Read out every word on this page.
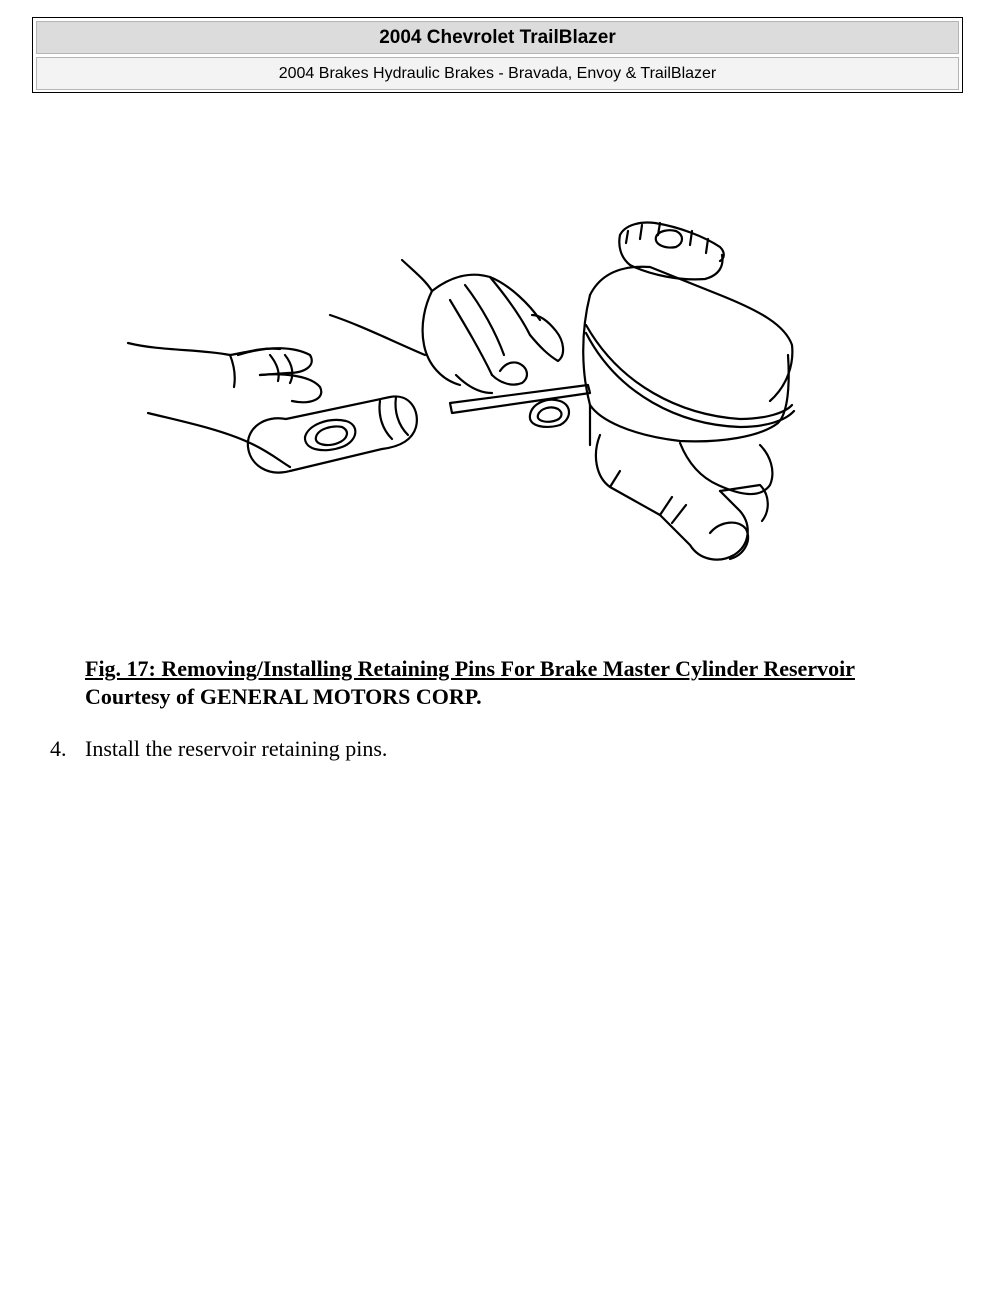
2004 Chevrolet TrailBlazer
2004 Brakes Hydraulic Brakes - Bravada, Envoy & TrailBlazer
Fig. 17: Removing/Installing Retaining Pins For Brake Master Cylinder Reservoir
Courtesy of GENERAL MOTORS CORP.
4. Install the reservoir retaining pins.
